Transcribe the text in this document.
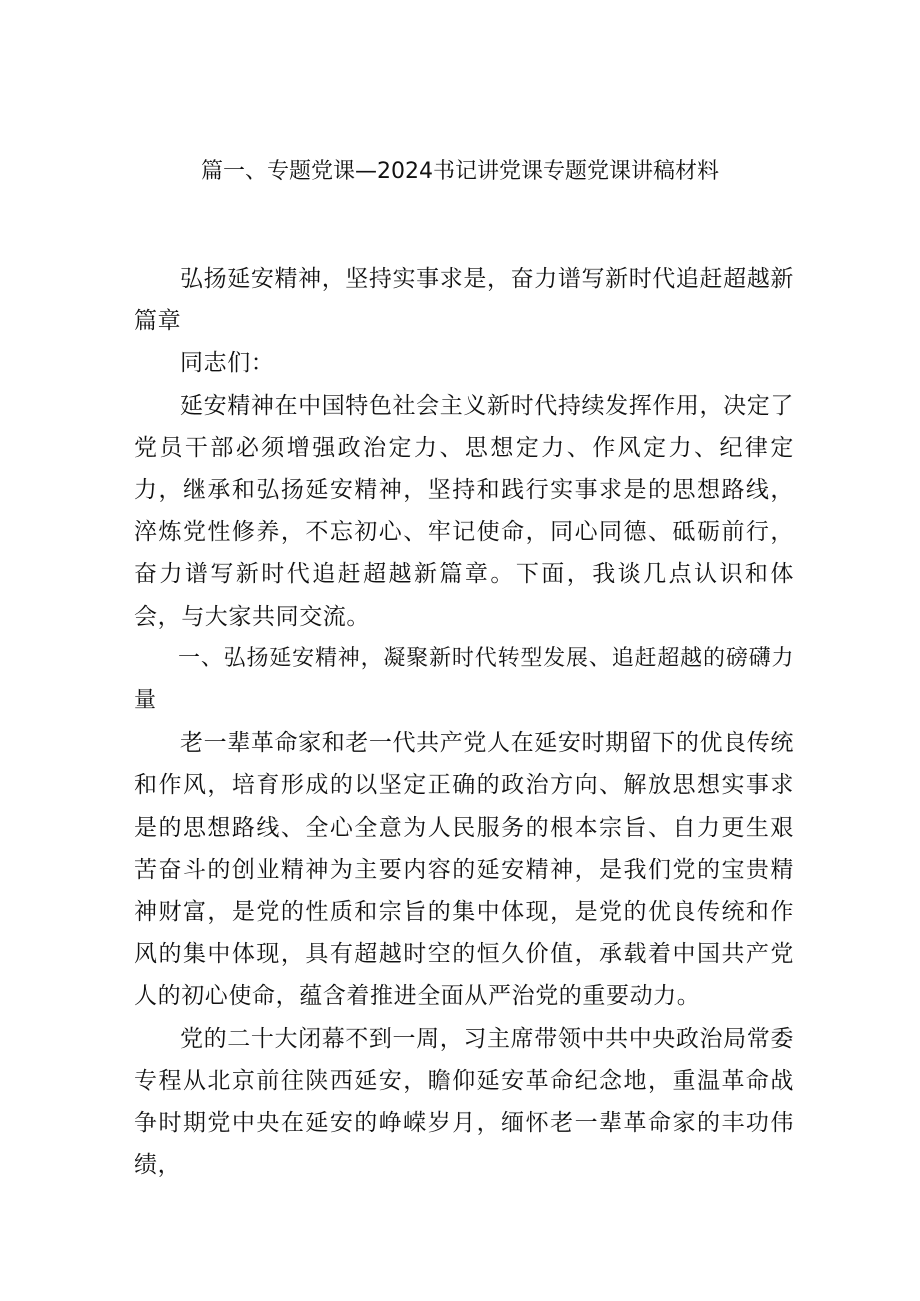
篇一、专题党课—2024书记讲党课专题党课讲稿材料

弘扬延安精神，坚持实事求是，奋力谱写新时代追赶超越新篇章

同志们：

延安精神在中国特色社会主义新时代持续发挥作用，决定了党员干部必须增强政治定力、思想定力、作风定力、纪律定力，继承和弘扬延安精神，坚持和践行实事求是的思想路线，淬炼党性修养，不忘初心、牢记使命，同心同德、砥砺前行，奋力谱写新时代追赶超越新篇章。下面，我谈几点认识和体会，与大家共同交流。

一、弘扬延安精神，凝聚新时代转型发展、追赶超越的磅礴力量

老一辈革命家和老一代共产党人在延安时期留下的优良传统和作风，培育形成的以坚定正确的政治方向、解放思想实事求是的思想路线、全心全意为人民服务的根本宗旨、自力更生艰苦奋斗的创业精神为主要内容的延安精神，是我们党的宝贵精神财富，是党的性质和宗旨的集中体现，是党的优良传统和作风的集中体现，具有超越时空的恒久价值，承载着中国共产党人的初心使命，蕴含着推进全面从严治党的重要动力。

党的二十大闭幕不到一周，习主席带领中共中央政治局常委专程从北京前往陕西延安，瞻仰延安革命纪念地，重温革命战争时期党中央在延安的峥嵘岁月，缅怀老一辈革命家的丰功伟绩，
